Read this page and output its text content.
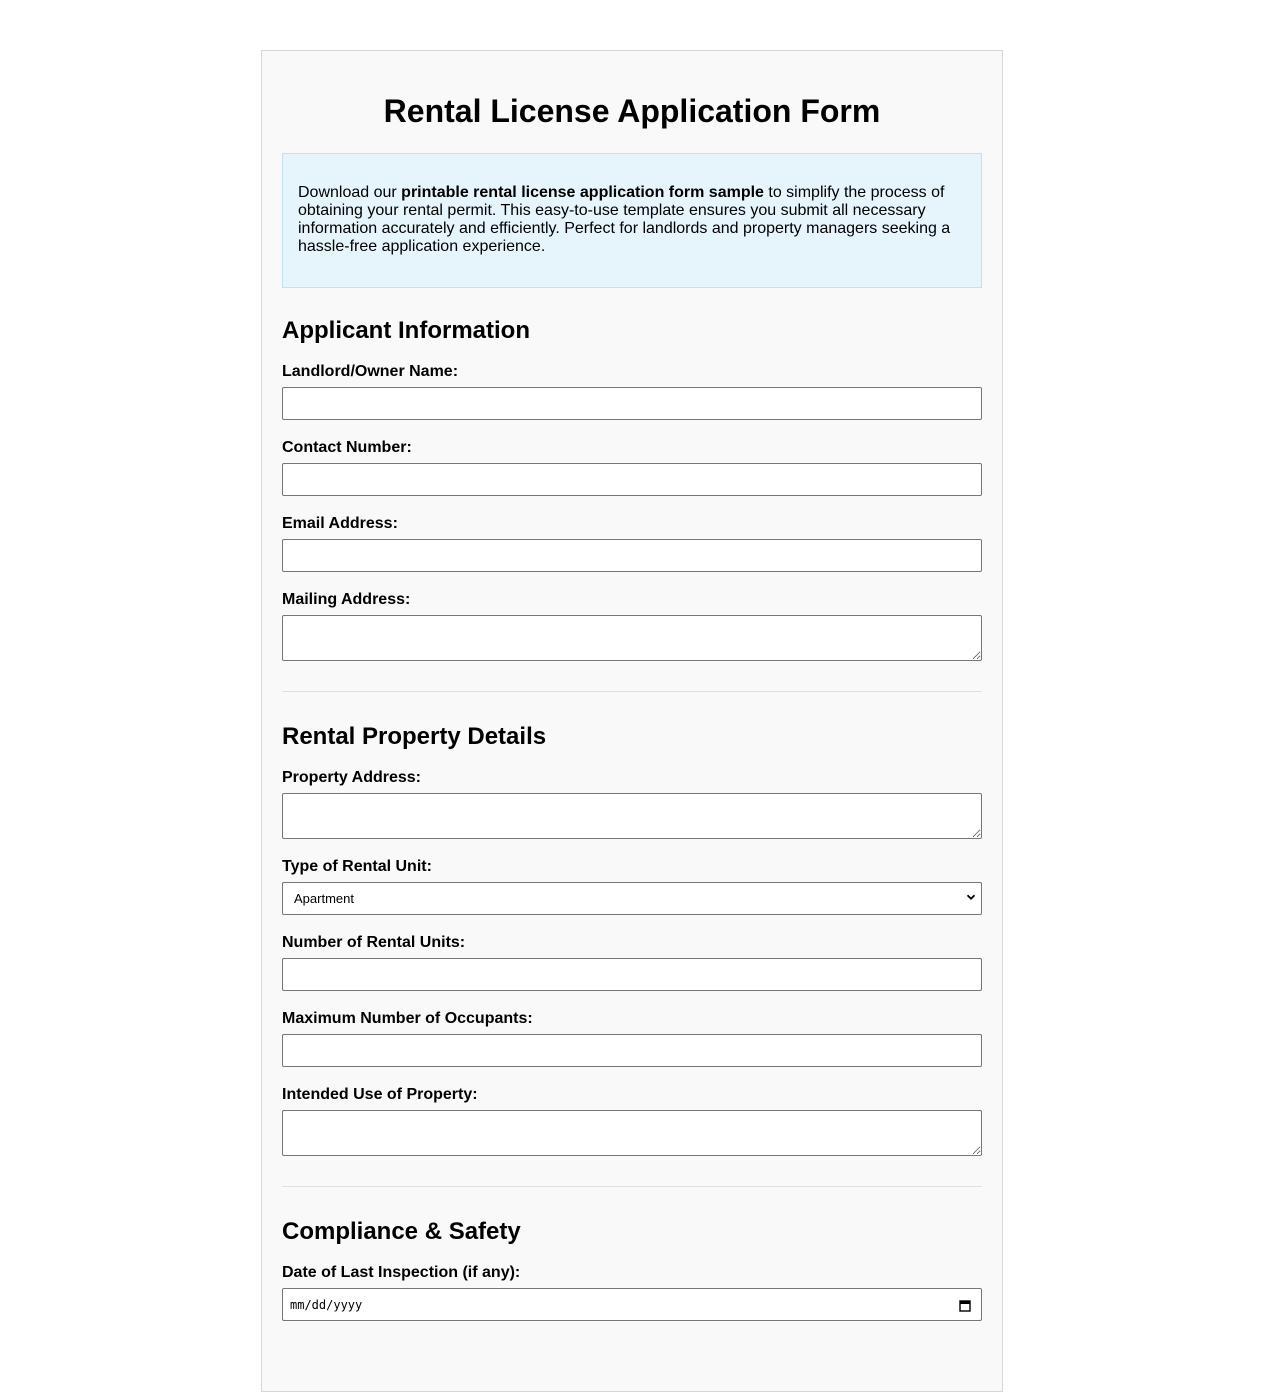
Rental License Application Form
Download our printable rental license application form sample to simplify the process of obtaining your rental permit. This easy-to-use template ensures you submit all necessary information accurately and efficiently. Perfect for landlords and property managers seeking a hassle-free application experience.
Applicant Information
Landlord/Owner Name:
Contact Number:
Email Address:
Mailing Address:
Rental Property Details
Property Address:
Type of Rental Unit:
Apartment
Number of Rental Units:
Maximum Number of Occupants:
Intended Use of Property:
Compliance & Safety
Date of Last Inspection (if any):
mm/dd/yyyy
